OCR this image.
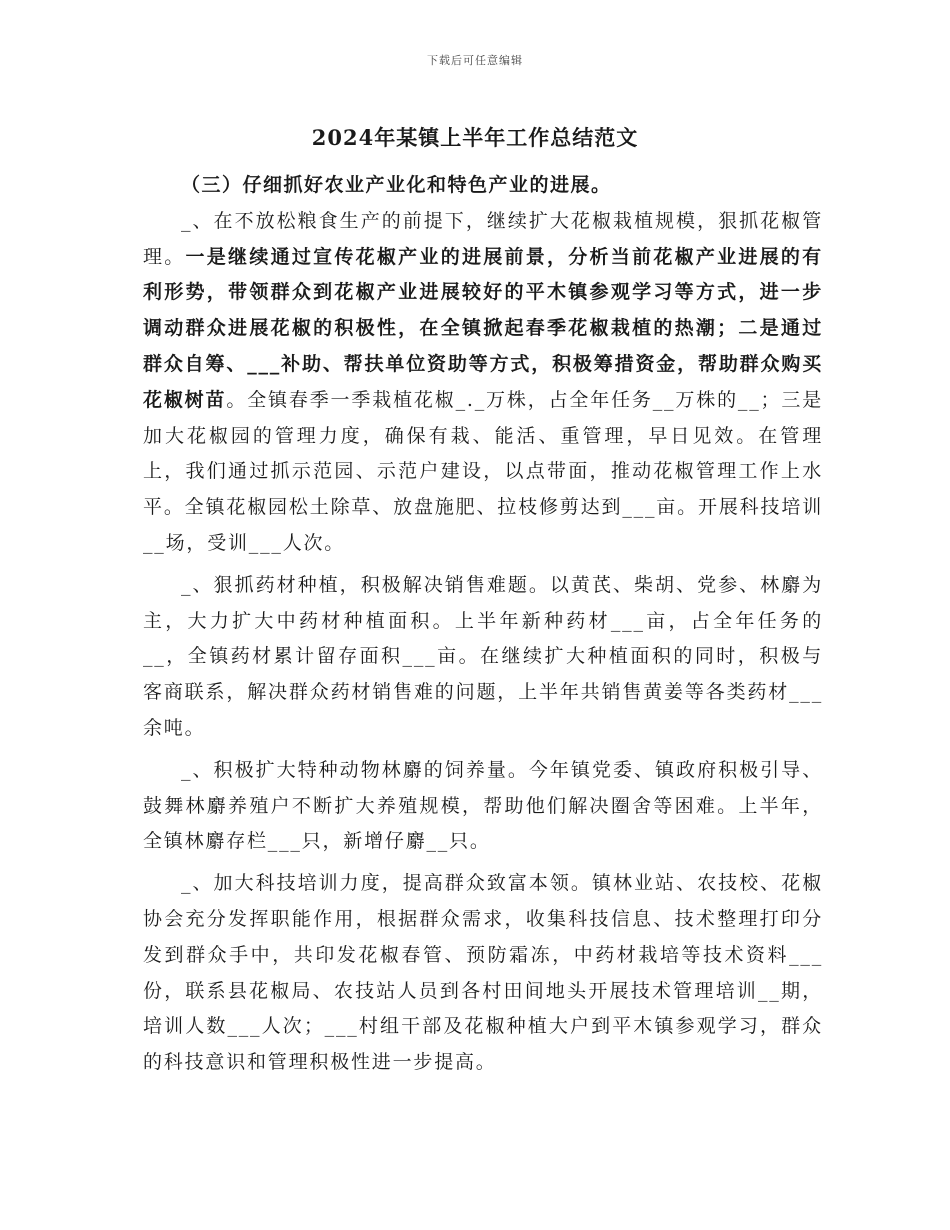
下载后可任意编辑
2024年某镇上半年工作总结范文

（三）仔细抓好农业产业化和特色产业的进展。

_、在不放松粮食生产的前提下，继续扩大花椒栽植规模，狠抓花椒管理。一是继续通过宣传花椒产业的进展前景，分析当前花椒产业进展的有利形势，带领群众到花椒产业进展较好的平木镇参观学习等方式，进一步调动群众进展花椒的积极性，在全镇掀起春季花椒栽植的热潮；二是通过群众自筹、___补助、帮扶单位资助等方式，积极筹措资金，帮助群众购买花椒树苗。全镇春季一季栽植花椒_._万株，占全年任务__万株的__；三是加大花椒园的管理力度，确保有栽、能活、重管理，早日见效。在管理上，我们通过抓示范园、示范户建设，以点带面，推动花椒管理工作上水平。全镇花椒园松土除草、放盘施肥、拉枝修剪达到___亩。开展科技培训__场，受训___人次。

_、狠抓药材种植，积极解决销售难题。以黄芪、柴胡、党参、林麝为主，大力扩大中药材种植面积。上半年新种药材___亩，占全年任务的__，全镇药材累计留存面积___亩。在继续扩大种植面积的同时，积极与客商联系，解决群众药材销售难的问题，上半年共销售黄姜等各类药材___余吨。

_、积极扩大特种动物林麝的饲养量。今年镇党委、镇政府积极引导、鼓舞林麝养殖户不断扩大养殖规模，帮助他们解决圈舍等困难。上半年，全镇林麝存栏___只，新增仔麝__只。

_、加大科技培训力度，提高群众致富本领。镇林业站、农技校、花椒协会充分发挥职能作用，根据群众需求，收集科技信息、技术整理打印分发到群众手中，共印发花椒春管、预防霜冻，中药材栽培等技术资料___份，联系县花椒局、农技站人员到各村田间地头开展技术管理培训__期，培训人数___人次；___村组干部及花椒种植大户到平木镇参观学习，群众的科技意识和管理积极性进一步提高。
